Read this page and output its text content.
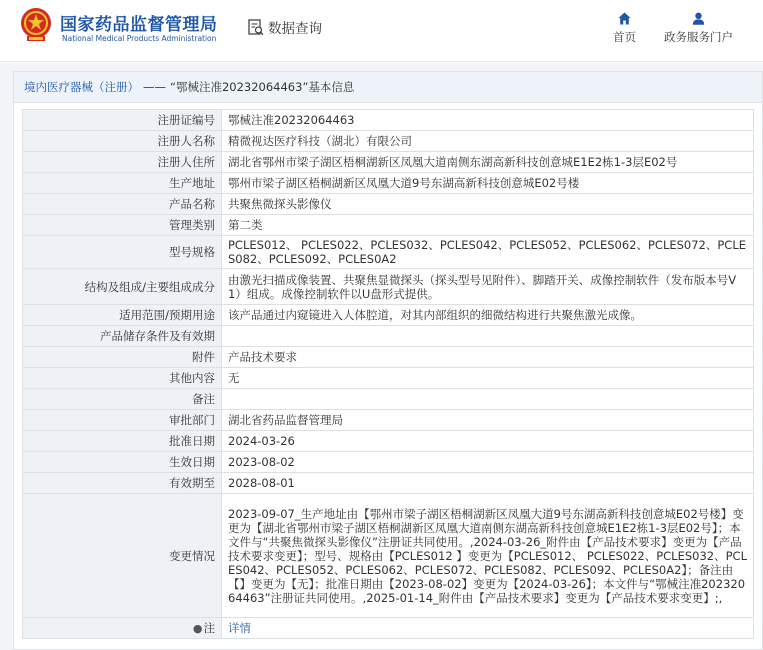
国家药品监督管理局
National Medical Products Administration
数据查询	首页 政务服务门户
境内医疗器械（注册） —— “鄂械注准20232064463”基本信息
注册证编号	鄂械注准20232064463
注册人名称	精微视达医疗科技（湖北）有限公司
注册人住所	湖北省鄂州市梁子湖区梧桐湖新区凤凰大道南侧东湖高新科技创意城E1E2栋1-3层E02号
生产地址	鄂州市梁子湖区梧桐湖新区凤凰大道9号东湖高新科技创意城E02号楼
产品名称	共聚焦微探头影像仪
管理类别	第二类
型号规格	PCLES012、 PCLES022、PCLES032、PCLES042、PCLES052、PCLES062、PCLES072、PCLES082、PCLES092、PCLES0A2
结构及组成/主要组成成分	由激光扫描成像装置、共聚焦显微探头（探头型号见附件）、脚踏开关、成像控制软件（发布版本号V1）组成。成像控制软件以U盘形式提供。
适用范围/预期用途	该产品通过内窥镜进入人体腔道，对其内部组织的细微结构进行共聚焦激光成像。
产品储存条件及有效期	
附件	产品技术要求
其他内容	无
备注	
审批部门	湖北省药品监督管理局
批准日期	2024-03-26
生效日期	2023-08-02
有效期至	2028-08-01
变更情况	2023-09-07_生产地址由【鄂州市梁子湖区梧桐湖新区凤凰大道9号东湖高新科技创意城E02号楼】变更为【湖北省鄂州市梁子湖区梧桐湖新区凤凰大道南侧东湖高新科技创意城E1E2栋1-3层E02号】；本文件与“共聚焦微探头影像仪”注册证共同使用。,2024-03-26_附件由【产品技术要求】变更为【产品技术要求变更】；型号、规格由【PCLES012 】变更为【PCLES012、 PCLES022、PCLES032、PCLES042、PCLES052、PCLES062、PCLES072、PCLES082、PCLES092、PCLES0A2】；备注由【】变更为【无】；批准日期由【2023-08-02】变更为【2024-03-26】；本文件与“鄂械注准20232064463”注册证共同使用。,2025-01-14_附件由【产品技术要求】变更为【产品技术要求变更】;,
●注	详情
